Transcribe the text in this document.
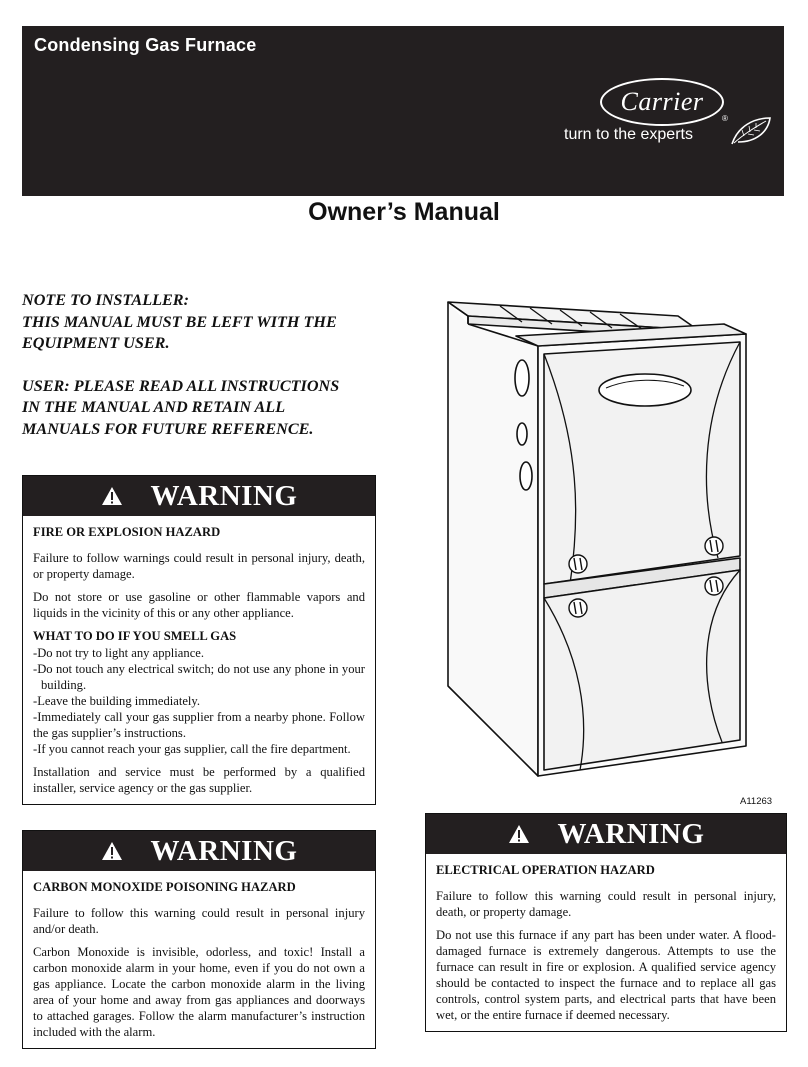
Condensing Gas Furnace
Carrier
®
turn to the experts
Owner’s Manual

NOTE TO INSTALLER:
THIS MANUAL MUST BE LEFT WITH THE
EQUIPMENT USER.

USER: PLEASE READ ALL INSTRUCTIONS
IN THE MANUAL AND RETAIN ALL
MANUALS FOR FUTURE REFERENCE.

A11263
WARNING

FIRE OR EXPLOSION HAZARD

Failure to follow warnings could result in personal injury, death, or property damage.

Do not store or use gasoline or other flammable vapors and liquids in the vicinity of this or any other appliance.

WHAT TO DO IF YOU SMELL GAS

-Do not try to light any appliance.
-Do not touch any electrical switch; do not use any phone in your building.
-Leave the building immediately.
-Immediately call your gas supplier from a nearby phone. Follow the gas supplier’s instructions.
-If you cannot reach your gas supplier, call the fire department.

Installation and service must be performed by a qualified installer, service agency or the gas supplier.

WARNING

CARBON MONOXIDE POISONING HAZARD

Failure to follow this warning could result in personal injury and/or death.

Carbon Monoxide is invisible, odorless, and toxic! Install a carbon monoxide alarm in your home, even if you do not own a gas appliance. Locate the carbon monoxide alarm in the living area of your home and away from gas appliances and doorways to attached garages. Follow the alarm manufacturer’s instruction included with the alarm.

WARNING

ELECTRICAL OPERATION HAZARD

Failure to follow this warning could result in personal injury, death, or property damage.

Do not use this furnace if any part has been under water. A flood-damaged furnace is extremely dangerous. Attempts to use the furnace can result in fire or explosion. A qualified service agency should be contacted to inspect the furnace and to replace all gas controls, control system parts, and electrical parts that have been wet, or the entire furnace if deemed necessary.
